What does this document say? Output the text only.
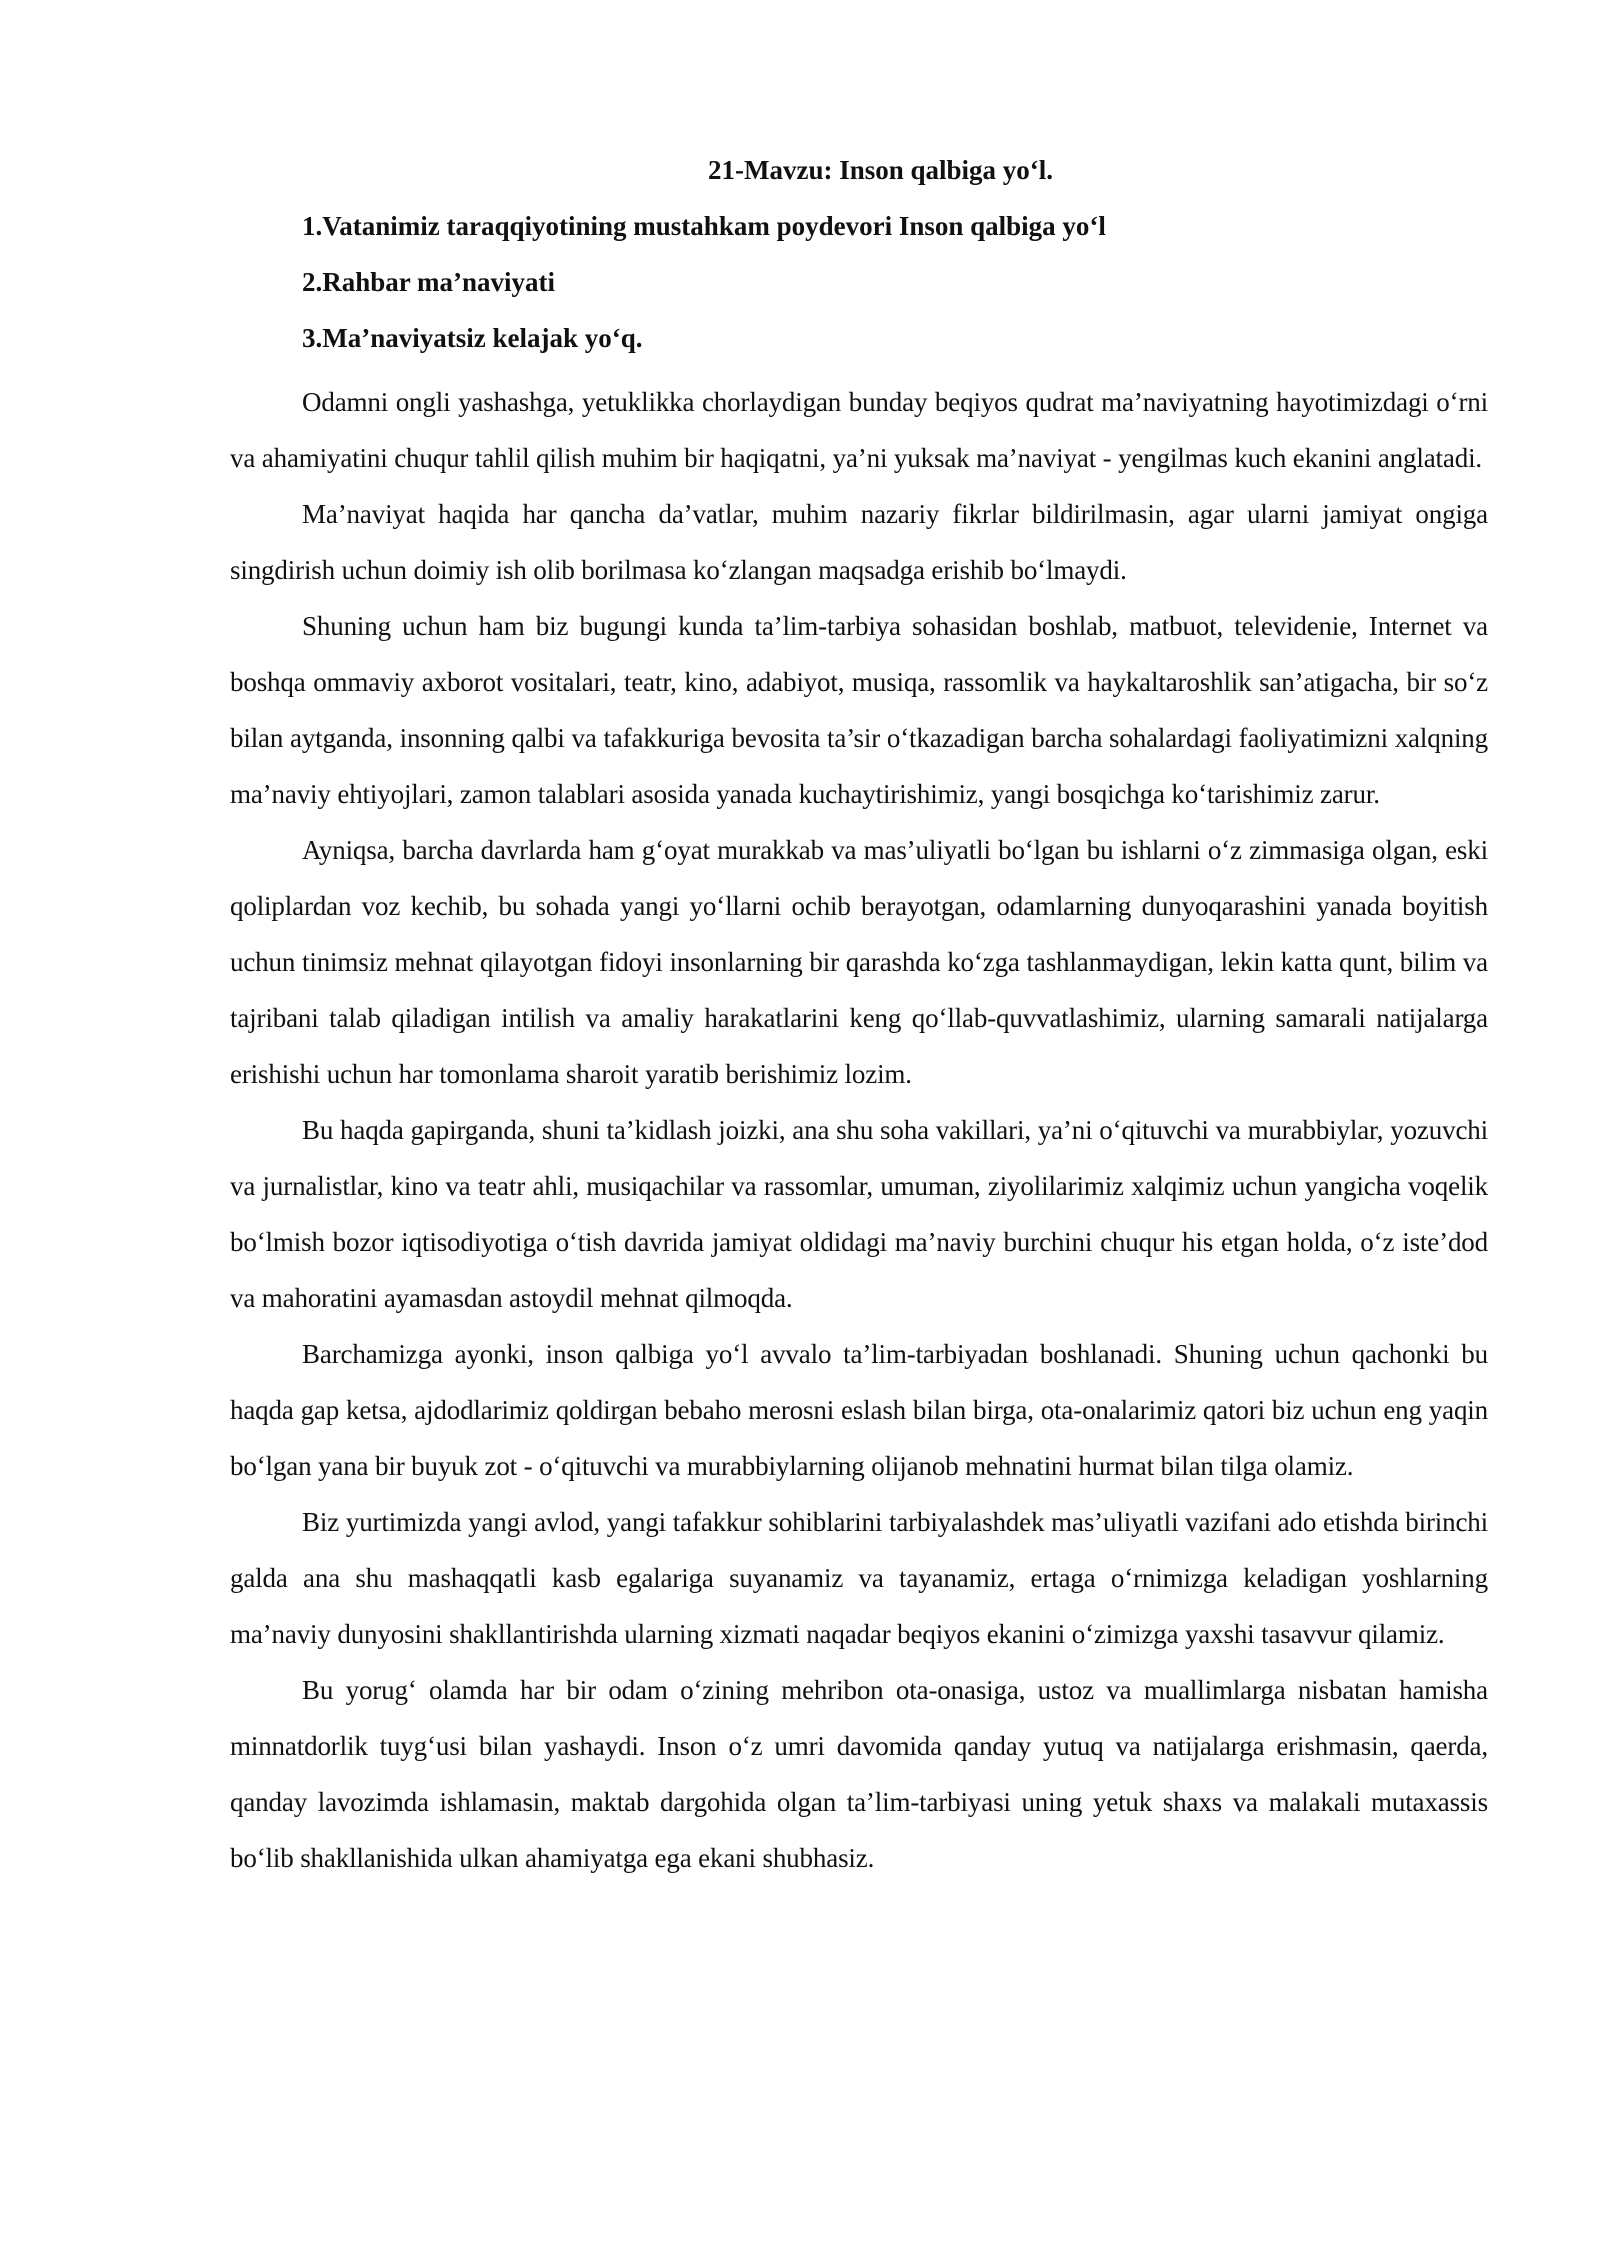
21-Mavzu: Inson qalbiga yo‘l.

1.Vatanimiz taraqqiyotining mustahkam poydevori Inson qalbiga yo‘l

2.Rahbar ma’naviyati

3.Ma’naviyatsiz kelajak yo‘q.

Odamni ongli yashashga, yetuklikka chorlaydigan bunday beqiyos qudrat ma’naviyatning hayotimizdagi o‘rni va ahamiyatini chuqur tahlil qilish muhim bir haqiqatni, ya’ni yuksak ma’naviyat - yengilmas kuch ekanini anglatadi.

Ma’naviyat haqida har qancha da’vatlar, muhim nazariy fikrlar bildirilmasin, agar ularni jamiyat ongiga singdirish uchun doimiy ish olib borilmasa ko‘zlangan maqsadga erishib bo‘lmaydi.

Shuning uchun ham biz bugungi kunda ta’lim-tarbiya sohasidan boshlab, matbuot, televidenie, Internet va boshqa ommaviy axborot vositalari, teatr, kino, adabiyot, musiqa, rassomlik va haykaltaroshlik san’atigacha, bir so‘z bilan aytganda, insonning qalbi va tafakkuriga bevosita ta’sir o‘tkazadigan barcha sohalardagi faoliyatimizni xalqning ma’naviy ehtiyojlari, zamon talablari asosida yanada kuchaytirishimiz, yangi bosqichga ko‘tarishimiz zarur.

Ayniqsa, barcha davrlarda ham g‘oyat murakkab va mas’uliyatli bo‘lgan bu ishlarni o‘z zimmasiga olgan, eski qoliplardan voz kechib, bu sohada yangi yo‘llarni ochib berayotgan, odamlarning dunyoqarashini yanada boyitish uchun tinimsiz mehnat qilayotgan fidoyi insonlarning bir qarashda ko‘zga tashlanmaydigan, lekin katta qunt, bilim va tajribani talab qiladigan intilish va amaliy harakatlarini keng qo‘llab-quvvatlashimiz, ularning samarali natijalarga erishishi uchun har tomonlama sharoit yaratib berishimiz lozim.

Bu haqda gapirganda, shuni ta’kidlash joizki, ana shu soha vakillari, ya’ni o‘qituvchi va murabbiylar, yozuvchi va jurnalistlar, kino va teatr ahli, musiqachilar va rassomlar, umuman, ziyolilarimiz xalqimiz uchun yangicha voqelik bo‘lmish bozor iqtisodiyotiga o‘tish davrida jamiyat oldidagi ma’naviy burchini chuqur his etgan holda, o‘z iste’dod va mahoratini ayamasdan astoydil mehnat qilmoqda.

Barchamizga ayonki, inson qalbiga yo‘l avvalo ta’lim-tarbiyadan boshlanadi. Shuning uchun qachonki bu haqda gap ketsa, ajdodlarimiz qoldirgan bebaho merosni eslash bilan birga, ota-onalarimiz qatori biz uchun eng yaqin bo‘lgan yana bir buyuk zot - o‘qituvchi va murabbiylarning olijanob mehnatini hurmat bilan tilga olamiz.

Biz yurtimizda yangi avlod, yangi tafakkur sohiblarini tarbiyalashdek mas’uliyatli vazifani ado etishda birinchi galda ana shu mashaqqatli kasb egalariga suyanamiz va tayanamiz, ertaga o‘rnimizga keladigan yoshlarning ma’naviy dunyosini shakllantirishda ularning xizmati naqadar beqiyos ekanini o‘zimizga yaxshi tasavvur qilamiz.

Bu yorug‘ olamda har bir odam o‘zining mehribon ota-onasiga, ustoz va muallimlarga nisbatan hamisha minnatdorlik tuyg‘usi bilan yashaydi. Inson o‘z umri davomida qanday yutuq va natijalarga erishmasin, qaerda, qanday lavozimda ishlamasin, maktab dargohida olgan ta’lim-tarbiyasi uning yetuk shaxs va malakali mutaxassis bo‘lib shakllanishida ulkan ahamiyatga ega ekani shubhasiz.
